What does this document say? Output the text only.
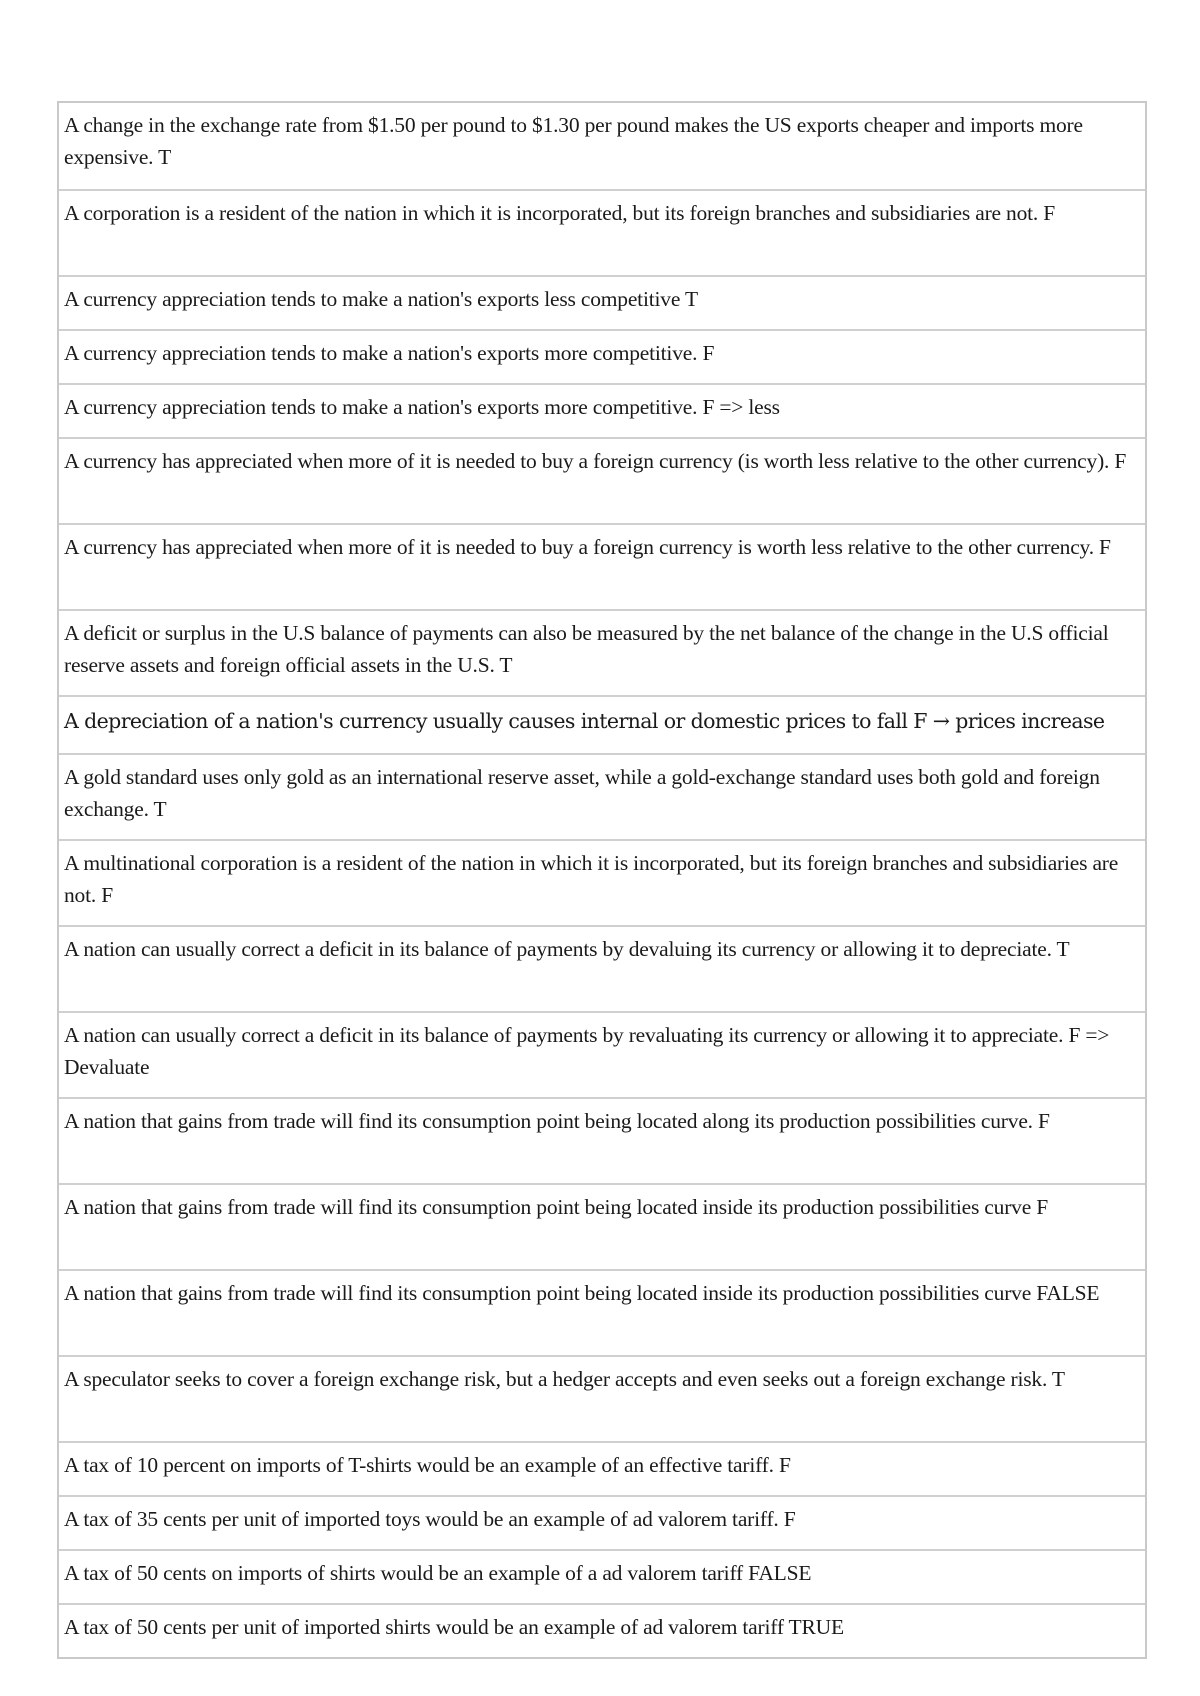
A change in the exchange rate from $1.50 per pound to $1.30 per pound makes the US exports cheaper and imports more expensive. T
A corporation is a resident of the nation in which it is incorporated, but its foreign branches and subsidiaries are not. F
A currency appreciation tends to make a nation's exports less competitive T
A currency appreciation tends to make a nation's exports more competitive. F
A currency appreciation tends to make a nation's exports more competitive. F => less
A currency has appreciated when more of it is needed to buy a foreign currency (is worth less relative to the other currency). F
A currency has appreciated when more of it is needed to buy a foreign currency is worth less relative to the other currency. F
A deficit or surplus in the U.S balance of payments can also be measured by the net balance of the change in the U.S official reserve assets and foreign official assets in the U.S. T
A depreciation of a nation's currency usually causes internal or domestic prices to fall F → prices increase
A gold standard uses only gold as an international reserve asset, while a gold-exchange standard uses both gold and foreign exchange. T
A multinational corporation is a resident of the nation in which it is incorporated, but its foreign branches and subsidiaries are not. F
A nation can usually correct a deficit in its balance of payments by devaluing its currency or allowing it to depreciate. T
A nation can usually correct a deficit in its balance of payments by revaluating its currency or allowing it to appreciate. F => Devaluate
A nation that gains from trade will find its consumption point being located along its production possibilities curve. F
A nation that gains from trade will find its consumption point being located inside its production possibilities curve F
A nation that gains from trade will find its consumption point being located inside its production possibilities curve FALSE
A speculator seeks to cover a foreign exchange risk, but a hedger accepts and even seeks out a foreign exchange risk. T
A tax of 10 percent on imports of T-shirts would be an example of an effective tariff. F
A tax of 35 cents per unit of imported toys would be an example of ad valorem tariff. F
A tax of 50 cents on imports of shirts would be an example of a ad valorem tariff FALSE
A tax of 50 cents per unit of imported shirts would be an example of ad valorem tariff TRUE
